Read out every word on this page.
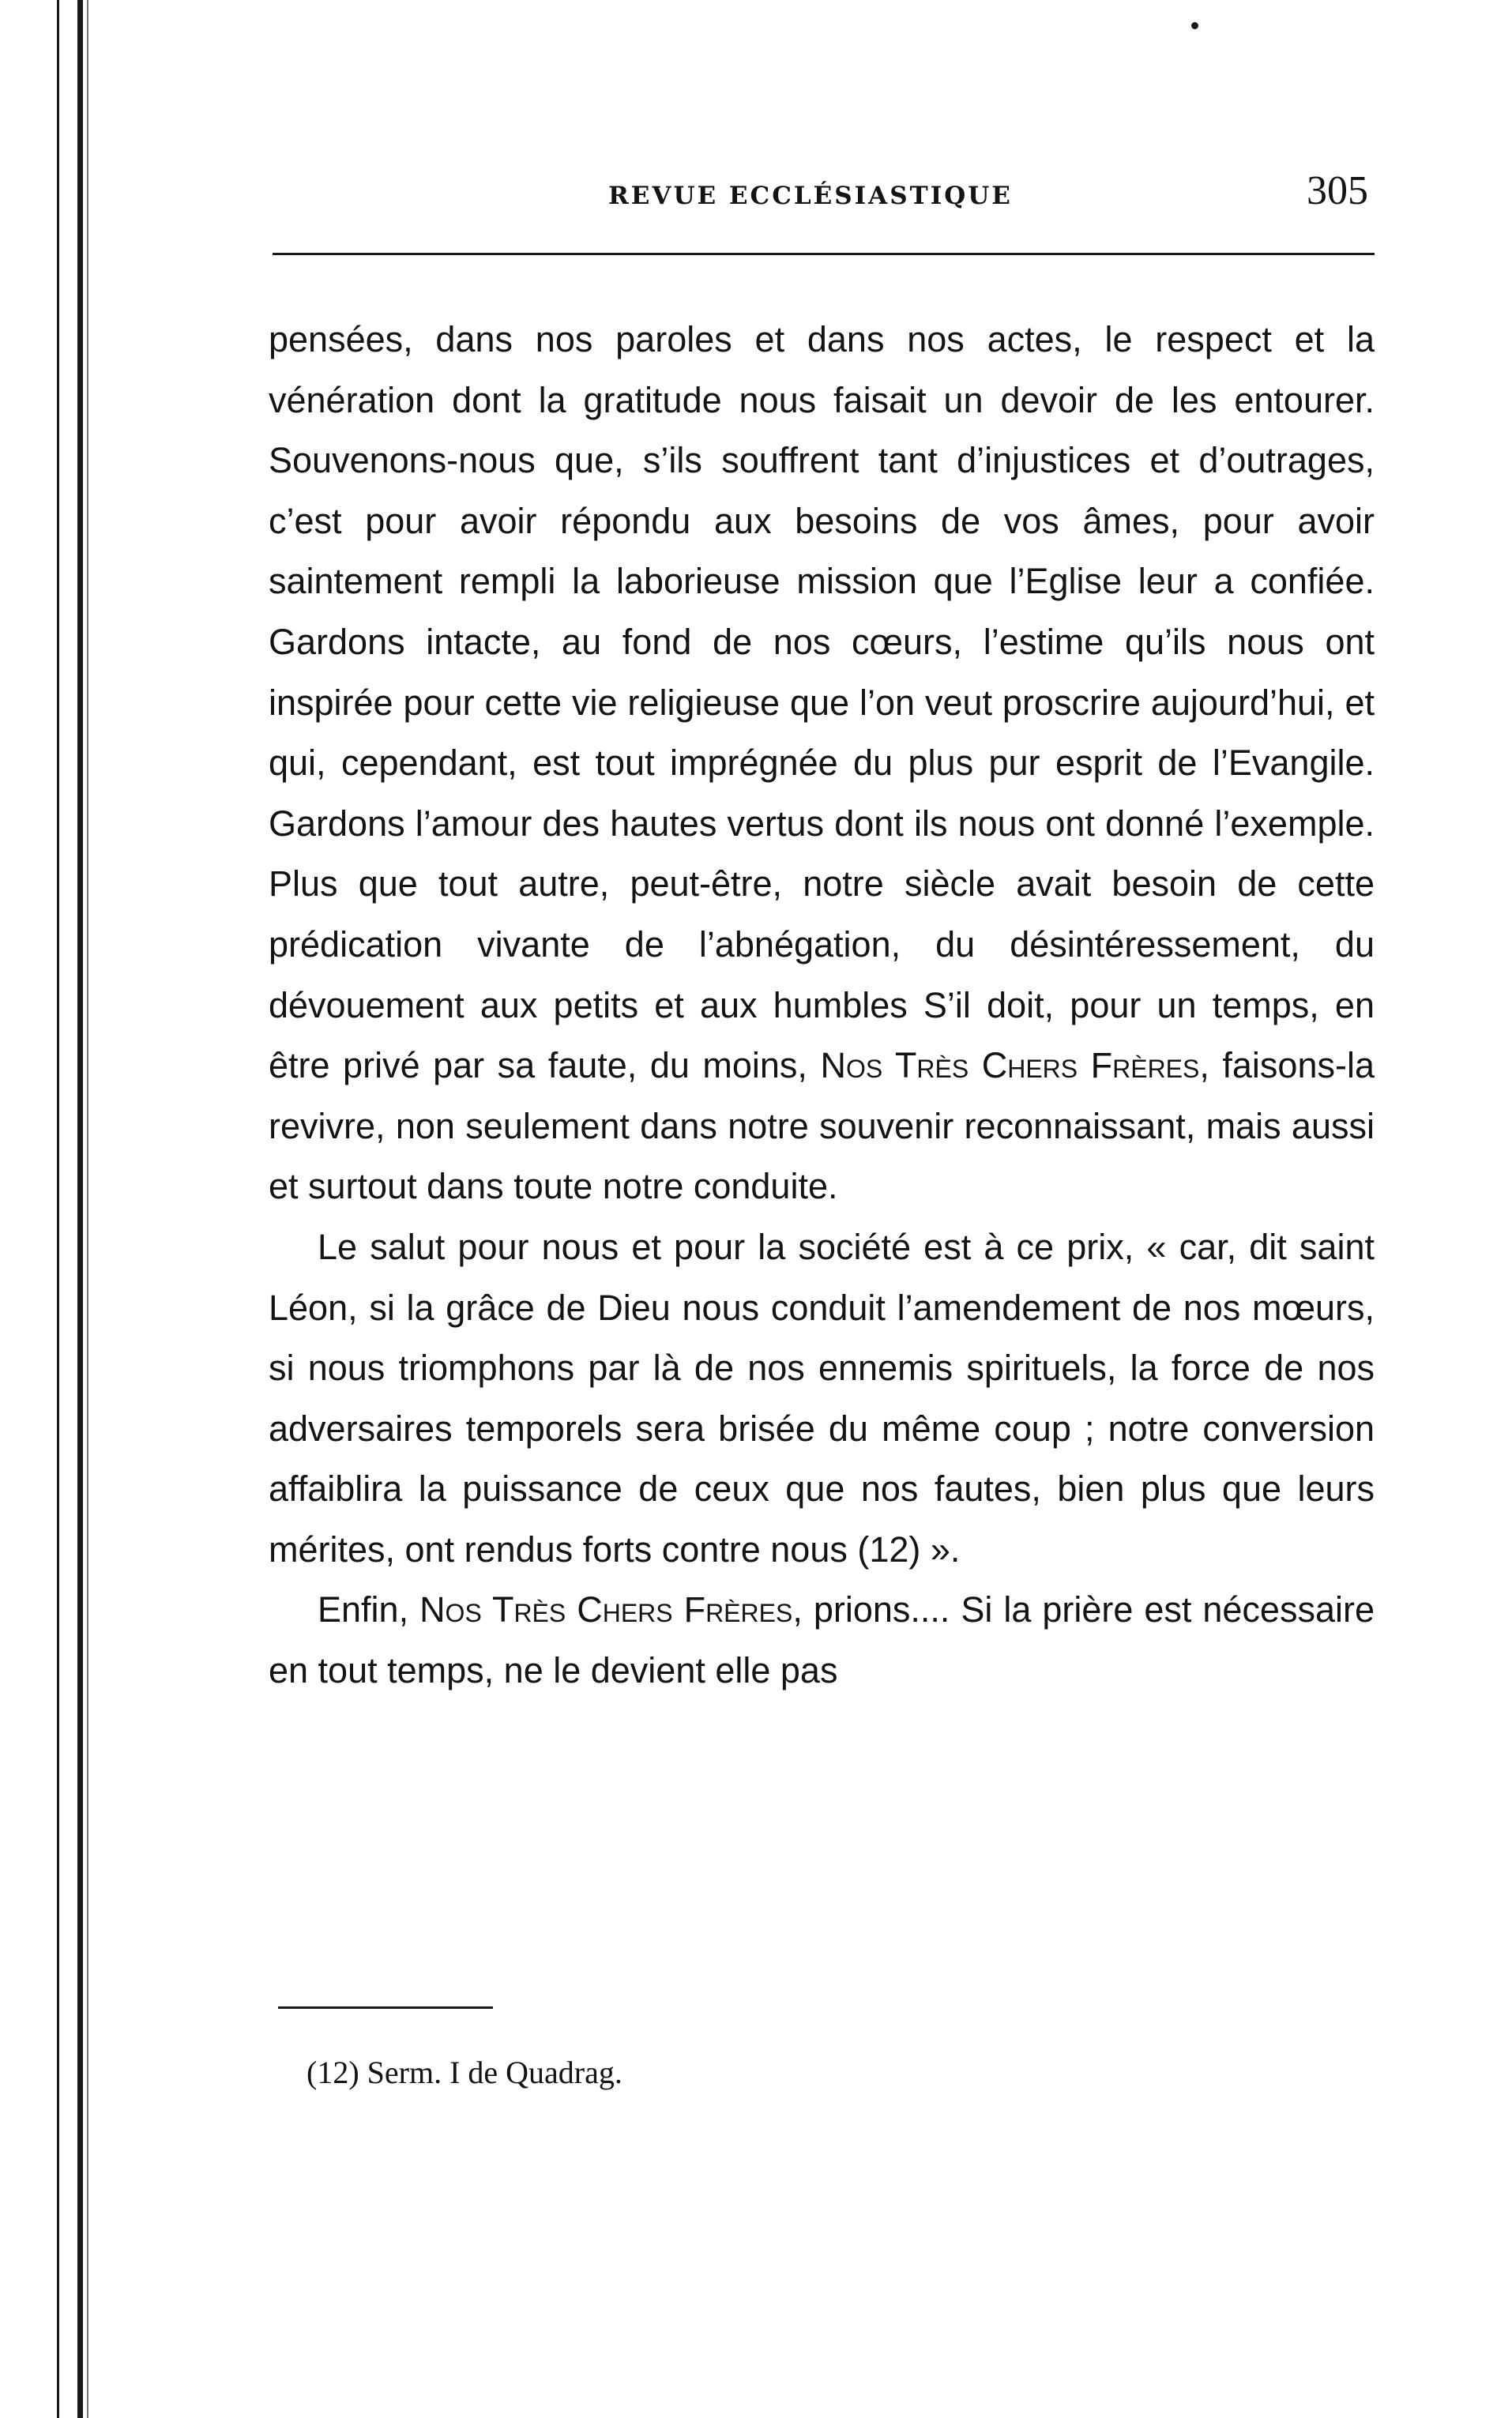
REVUE ECCLÉSIASTIQUE	305

pensées, dans nos paroles et dans nos actes, le respect et la vénération dont la gratitude nous faisait un devoir de les entourer. Souvenons-nous que, s’ils souffrent tant d’injustices et d’outrages, c’est pour avoir répondu aux besoins de vos âmes, pour avoir saintement rempli la laborieuse mission que l’Eglise leur a confiée. Gardons intacte, au fond de nos cœurs, l’estime qu’ils nous ont inspirée pour cette vie religieuse que l’on veut proscrire aujourd’hui, et qui, cependant, est tout imprégnée du plus pur esprit de l’Evangile. Gardons l’amour des hautes vertus dont ils nous ont donné l’exemple. Plus que tout autre, peut-être, notre siècle avait besoin de cette prédication vivante de l’abnégation, du désintéressement, du dévouement aux petits et aux humbles S’il doit, pour un temps, en être privé par sa faute, du moins, Nos Très Chers Frères, faisons-la revivre, non seulement dans notre souvenir reconnaissant, mais aussi et surtout dans toute notre conduite.

Le salut pour nous et pour la société est à ce prix, « car, dit saint Léon, si la grâce de Dieu nous conduit l’amendement de nos mœurs, si nous triomphons par là de nos ennemis spirituels, la force de nos adversaires temporels sera brisée du même coup ; notre conversion affaiblira la puissance de ceux que nos fautes, bien plus que leurs mérites, ont rendus forts contre nous (12) ».

Enfin, Nos Très Chers Frères, prions.... Si la prière est nécessaire en tout temps, ne le devient elle pas

(12) Serm. I de Quadrag.
